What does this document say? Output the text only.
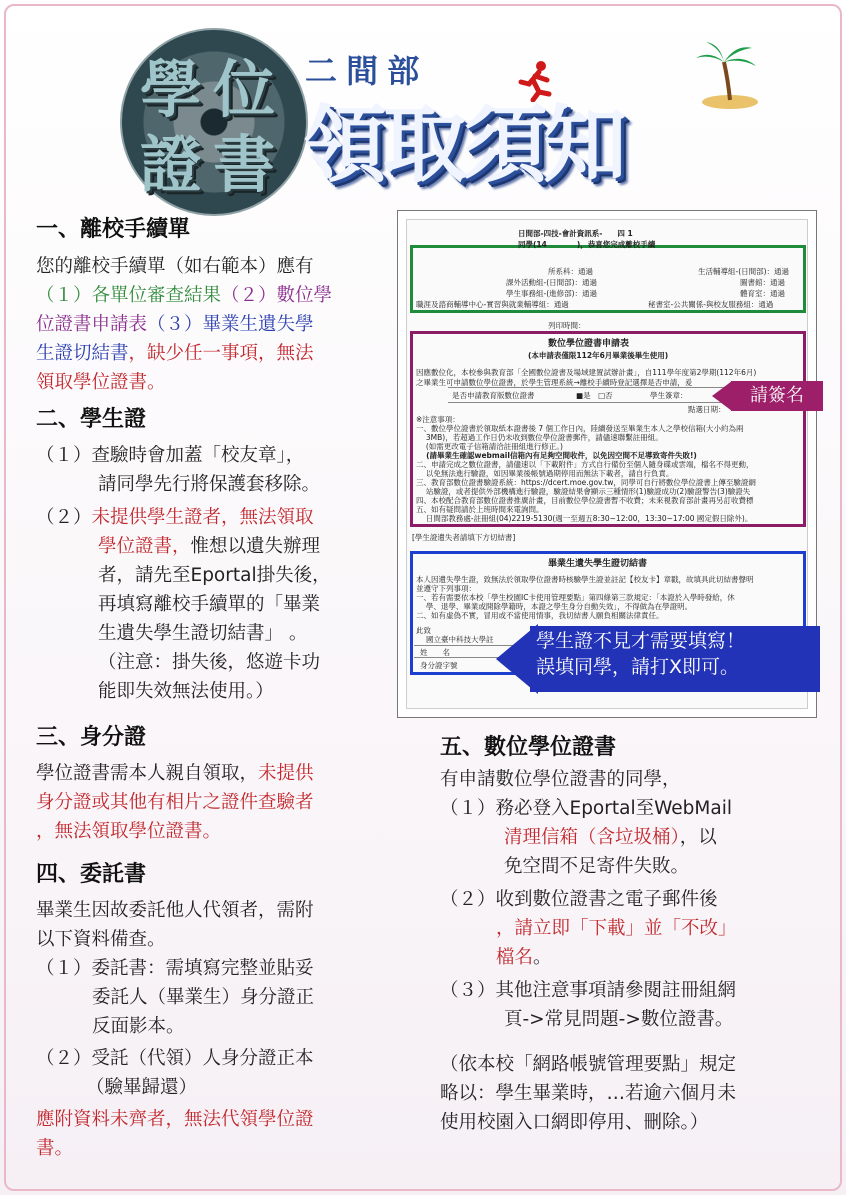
學 位
證 書
二 間 部
領取須知
一、離校手續單
您的離校手續單（如右範本）應有
（１）各單位審查結果（２）數位學
位證書申請表（３）畢業生遺失學
生證切結書，缺少任一事項，無法
領取學位證書。
二、學生證
（１）查驗時會加蓋「校友章」，
請同學先行將保護套移除。
（２）未提供學生證者，無法領取
學位證書，惟想以遺失辦理
者，請先至Eportal掛失後，
再填寫離校手續單的「畢業
生遺失學生證切結書」 。
（注意：掛失後，悠遊卡功
能即失效無法使用。）
三、身分證
學位證書需本人親自領取，未提供
身分證或其他有相片之證件查驗者
，無法領取學位證書。
四、委託書
畢業生因故委託他人代領者，需附
以下資料備查。
（１）委託書：需填寫完整並貼妥
委託人（畢業生）身分證正
反面影本。
（２）受託（代領）人身分證正本
（驗畢歸還）
應附資料未齊者，無法代領學位證
書。
五、數位學位證書
有申請數位學位證書的同學，
（１）務必登入Eportal至WebMail
清理信箱（含垃圾桶），以
免空間不足寄件失敗。
（２）收到數位證書之電子郵件後
，請立即「下載」並「不改」
檔名。
（３）其他注意事項請參閱註冊組網
頁->常見問題->數位證書。
（依本校「網路帳號管理要點」規定
略以：學生畢業時，…若逾六個月未
使用校園入口網即停用、刪除。）
日間部-四技-會計資訊系-　　四 1
同學(14　　　　)，恭喜您完成離校手續
所系科：通過	生活輔導組-(日間部)：通過
課外活動組-(日間部)：通過	圖書館：通過
學生事務組-(進修部)：通過	體育室：通過
職涯及諮商輔導中心-實習與就業輔導組：通過	秘書室-公共關係-與校友服務組：通過
列印時間：
數位學位證書申請表
(本申請表僅限112年6月畢業後畢生使用)
因應數位化，本校參與教育部「全國數位證書及場域建置試辦計畫」，自111學年度第2學期(112年6月)
之畢業生可申請數位學位證書，於學生管理系統→離校手續時登記選擇是否申請，爰
是否申請教育版數位證書	■是　□否	學生簽章：
點選日期：
※注意事項：
一、數位學位證書於領取紙本證書後 7 個工作日內，陸續發送至畢業生本人之學校信箱(大小約為兩
　 3MB)，若超過工作日仍未收到數位學位證書郵件，請儘速聯繫註冊組。
　 (如需更改電子信箱請洽註冊組進行修正。)
　 (請畢業生確認webmail信箱內有足夠空間收件，以免因空間不足導致寄件失敗!)
二、申請完成之數位證書，請儘速以「下載附件」方式自行備份至個人隨身碟或雲端，檔名不得更動，
　 以免無法進行驗證，如因畢業後帳號過期停用而無法下載者，請自行負責。
三、教育部數位證書驗證系統：https://dcert.moe.gov.tw，同學可自行將數位學位證書上傳至驗證網
　 站驗證，或者提供外部機構進行驗證，驗證結果會顯示三種情形(1)驗證成功(2)驗證警告(3)驗證失
四、本校配合教育部數位證書推廣計畫，目前數位學位證書暫不收費；未來視教育部計畫再另訂收費標
五、如有疑問請於上班時間來電詢問。
　 日間部教務處-註冊組(04)2219-5130(週一至週五8:30~12:00，13:30~17:00 國定假日除外)。
[學生證遺失者請填下方切結書]
畢業生遺失學生證切結書
本人因遺失學生證，致無法於領取學位證書時核驗學生證並註記【校友卡】章戳，故填具此切結書聲明
並遵守下列事項：
一、若有需要依本校「學生校園IC卡使用管理要點」第四條第三款規定：「本證於入學時發給，休
　 學、退學、畢業或開除學籍時，本證之學生身分自動失效」，不得做為在學證明。
二、如有虛偽不實，冒用或不當使用情事，我切結書人願負相關法律責任。
此致
國立臺中科技大學註
姓　　名
身分證字號
請簽名
學生證不見才需要填寫！
誤填同學，請打X即可。
